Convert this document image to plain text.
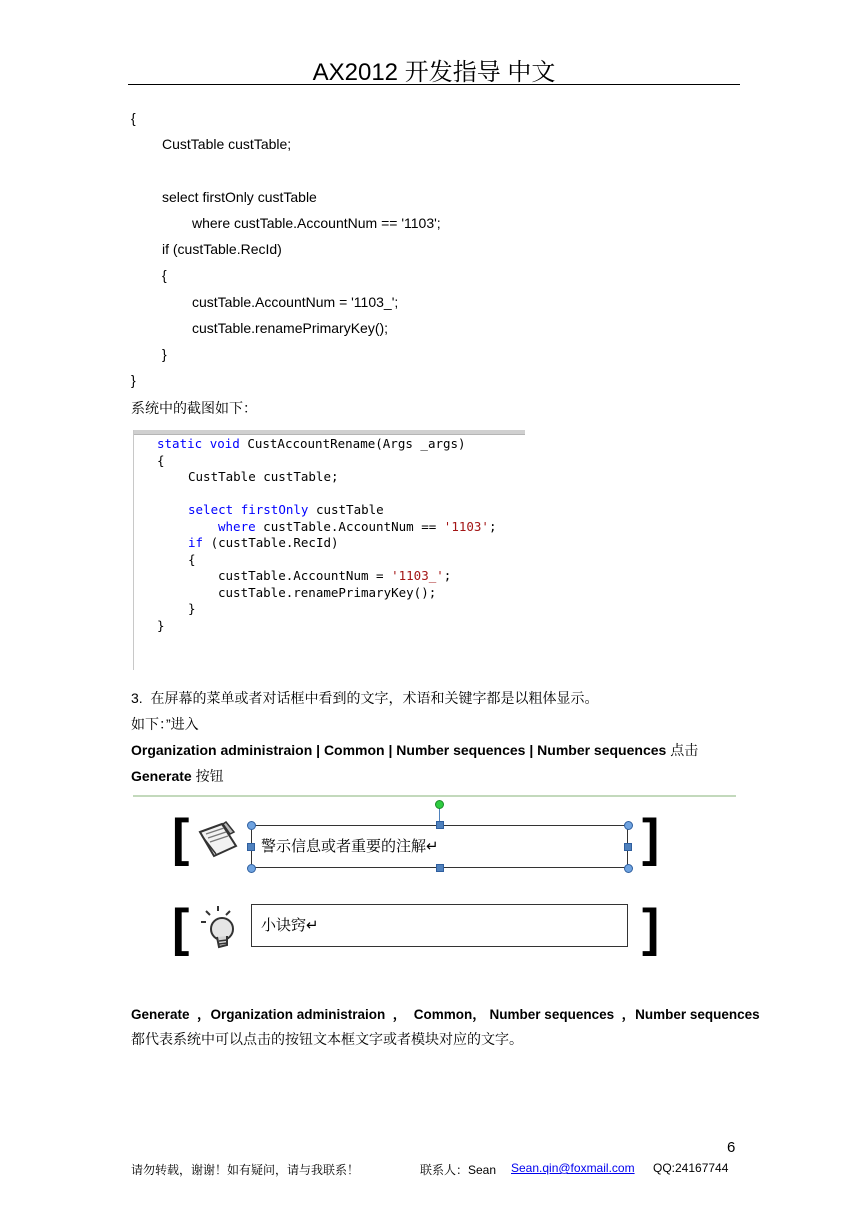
AX2012 开发指导 中文
{
CustTable custTable;
select firstOnly custTable
where custTable.AccountNum == '1103';
if (custTable.RecId)
{
custTable.AccountNum = '1103_';
custTable.renamePrimaryKey();
}
}
系统中的截图如下：
static void CustAccountRename(Args _args)
{
CustTable custTable;
select firstOnly custTable
where custTable.AccountNum == '1103';
if (custTable.RecId)
{
custTable.AccountNum = '1103_';
custTable.renamePrimaryKey();
}
}
3.  在屏幕的菜单或者对话框中看到的文字，术语和关键字都是以粗体显示。
如下：”进入
Organization administraion | Common | Number sequences | Number sequences 点击
Generate 按钮
[	警示信息或者重要的注解↵	]
[	小诀窍↵	]
Generate  ，Organization administraion  ，  Common， Number sequences  ，Number sequences
都代表系统中可以点击的按钮文本框文字或者模块对应的文字。
6
请勿转载，谢谢！如有疑问，请与我联系！	联系人：Sean Sean.qin@foxmail.com QQ:24167744
